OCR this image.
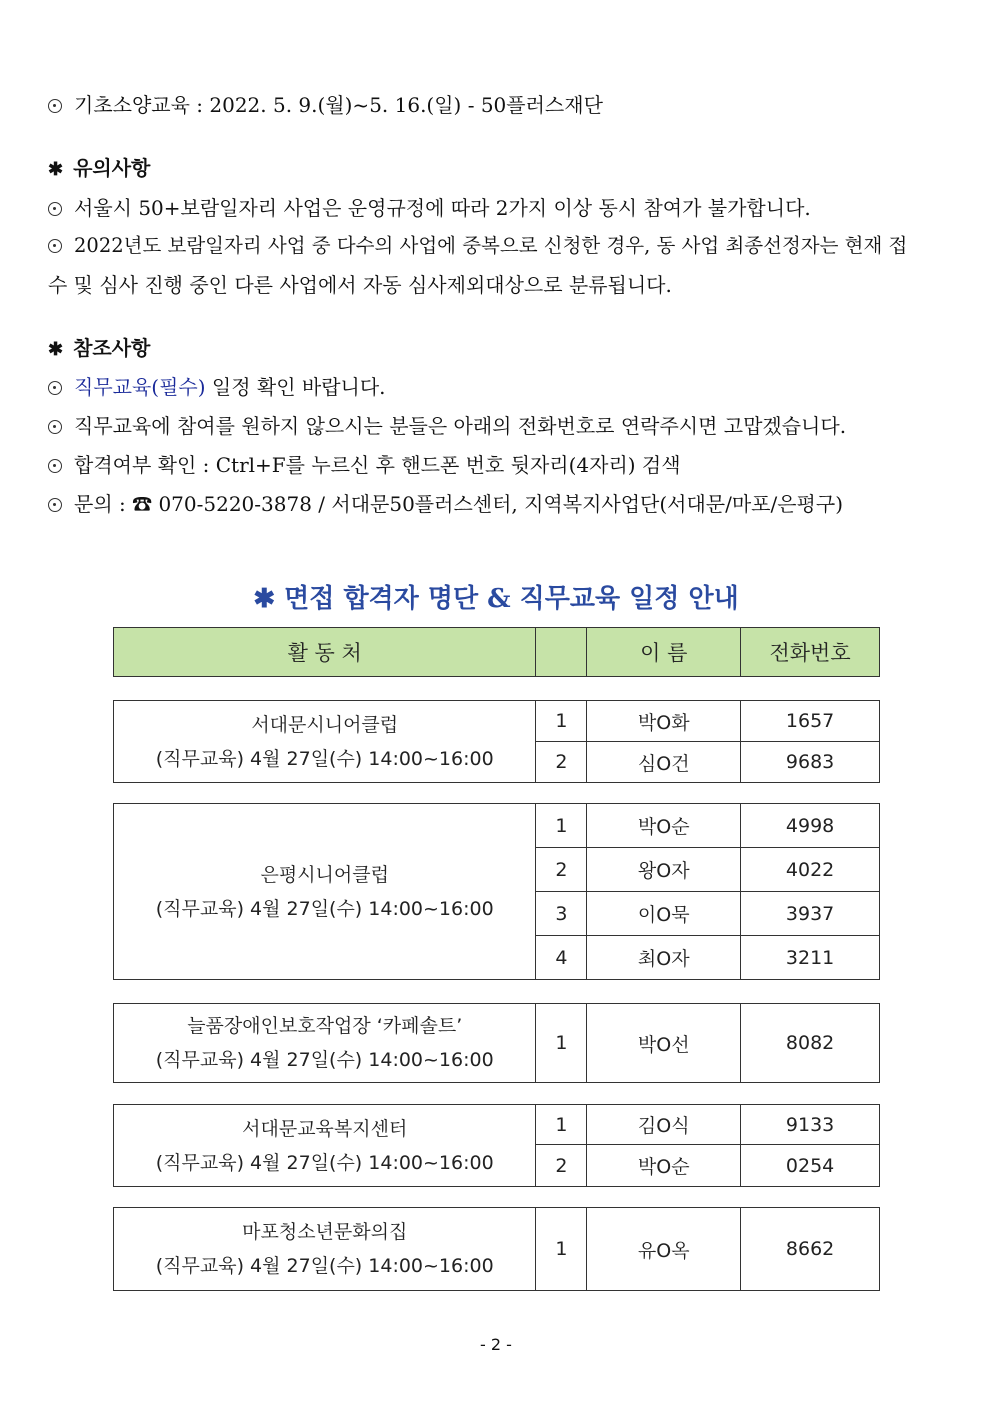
기초소양교육 : 2022. 5. 9.(월)~5. 16.(일) - 50플러스재단
✱ 유의사항
서울시 50+보람일자리 사업은 운영규정에 따라 2가지 이상 동시 참여가 불가합니다.
2022년도 보람일자리 사업 중 다수의 사업에 중복으로 신청한 경우, 동 사업 최종선정자는 현재 접
수 및 심사 진행 중인 다른 사업에서 자동 심사제외대상으로 분류됩니다.
✱ 참조사항
직무교육(필수) 일정 확인 바랍니다.
직무교육에 참여를 원하지 않으시는 분들은 아래의 전화번호로 연락주시면 고맙겠습니다.
합격여부 확인 : Ctrl+F를 누르신 후 핸드폰 번호 뒷자리(4자리) 검색
문의 : ☎ 070-5220-3878 / 서대문50플러스센터, 지역복지사업단(서대문/마포/은평구)
✱ 면접 합격자 명단 & 직무교육 일정 안내
활 동 처		이 름	전화번호
서대문시니어클럽
(직무교육) 4월 27일(수) 14:00~16:00	1	박O화	1657
	2	심O건	9683
은평시니어클럽
(직무교육) 4월 27일(수) 14:00~16:00	1	박O순	4998
	2	왕O자	4022
	3	이O묵	3937
	4	최O자	3211
늘품장애인보호작업장 ‘카페솔트’
(직무교육) 4월 27일(수) 14:00~16:00
	1	박O선	8082
서대문교육복지센터
(직무교육) 4월 27일(수) 14:00~16:00	1	김O식	9133
	2	박O순	0254
마포청소년문화의집
(직무교육) 4월 27일(수) 14:00~16:00
	1	유O옥	8662
- 2 -
